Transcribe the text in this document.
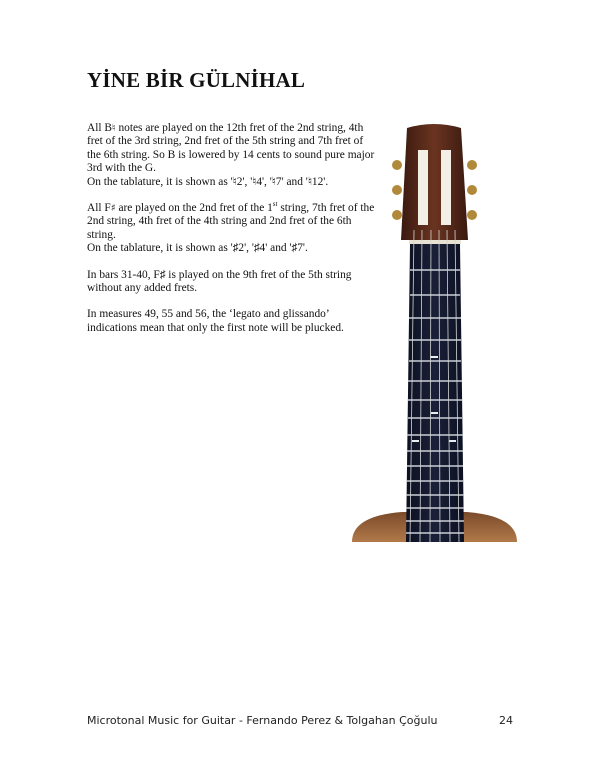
YİNE BİR GÜLNİHAL

All B♮ notes are played on the 12th fret of the 2nd string, 4th fret of the 3rd string, 2nd fret of the 5th string and 7th fret of the 6th string. So B is lowered by 14 cents to sound pure major 3rd with the G.
On the tablature, it is shown as '♮2', '♮4', '♮7' and '♮12'.

All F♯ are played on the 2nd fret of the 1st string, 7th fret of the 2nd string, 4th fret of the 4th string and 2nd fret of the 6th string.
On the tablature, it is shown as '♯2', '♯4' and '♯7'.

In bars 31-40, F♯ is played on the 9th fret of the 5th string without any added frets.

In measures 49, 55 and 56, the ‘legato and glissando’ indications mean that only the first note will be plucked.

Microtonal Music for Guitar - Fernando Perez & Tolgahan Çoğulu	24
